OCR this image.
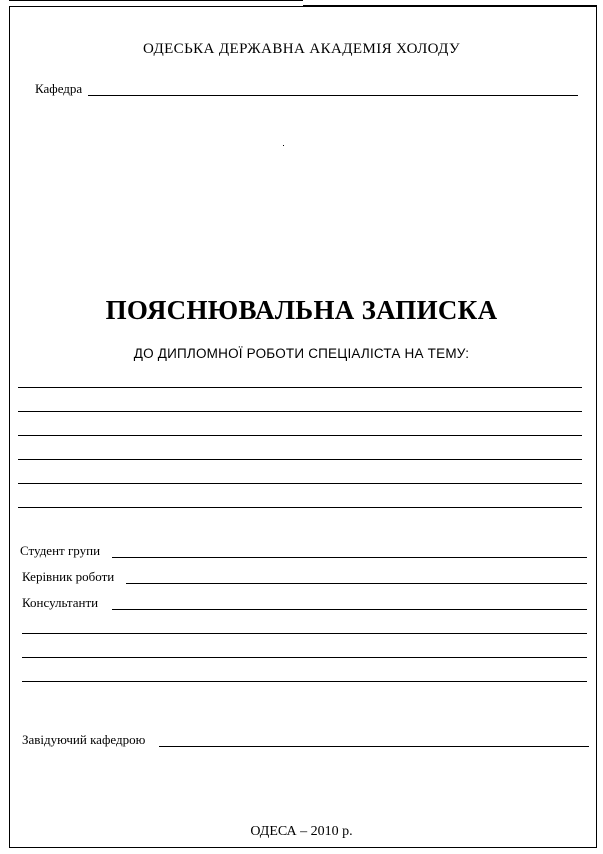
ОДЕСЬКА ДЕРЖАВНА АКАДЕМІЯ ХОЛОДУ
Кафедра
ПОЯСНЮВАЛЬНА ЗАПИСКА
ДО ДИПЛОМНОЇ РОБОТИ СПЕЦІАЛІСТА НА ТЕМУ:
Студент групи
Керівник роботи
Консультанти
Завідуючий кафедрою
ОДЕСА – 2010 р.
